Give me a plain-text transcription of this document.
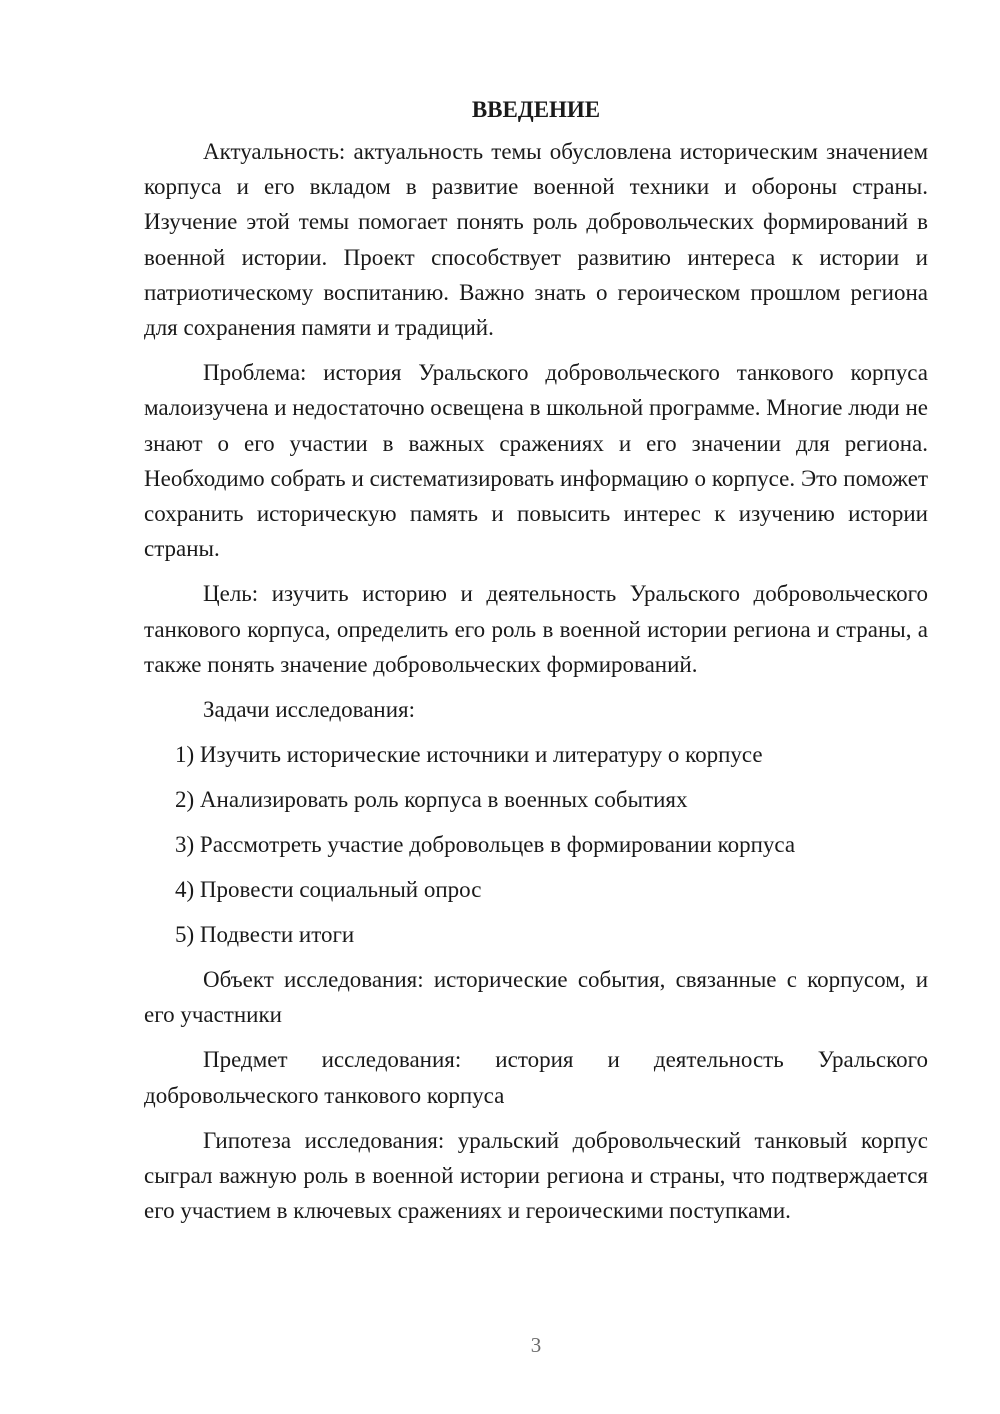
ВВЕДЕНИЕ

Актуальность: актуальность темы обусловлена историческим значением корпуса и его вкладом в развитие военной техники и обороны страны. Изучение этой темы помогает понять роль добровольческих формирований в военной истории. Проект способствует развитию интереса к истории и патриотическому воспитанию. Важно знать о героическом прошлом региона для сохранения памяти и традиций.

Проблема: история Уральского добровольческого танкового корпуса малоизучена и недостаточно освещена в школьной программе. Многие люди не знают о его участии в важных сражениях и его значении для региона. Необходимо собрать и систематизировать информацию о корпусе. Это поможет сохранить историческую память и повысить интерес к изучению истории страны.

Цель: изучить историю и деятельность Уральского добровольческого танкового корпуса, определить его роль в военной истории региона и страны, а также понять значение добровольческих формирований.

Задачи исследования:

1) Изучить исторические источники и литературу о корпусе
2) Анализировать роль корпуса в военных событиях
3) Рассмотреть участие добровольцев в формировании корпуса
4) Провести социальный опрос
5) Подвести итоги

Объект исследования: исторические события, связанные с корпусом, и его участники

Предмет исследования: история и деятельность Уральского добровольческого танкового корпуса

Гипотеза исследования: уральский добровольческий танковый корпус сыграл важную роль в военной истории региона и страны, что подтверждается его участием в ключевых сражениях и героическими поступками.

3
